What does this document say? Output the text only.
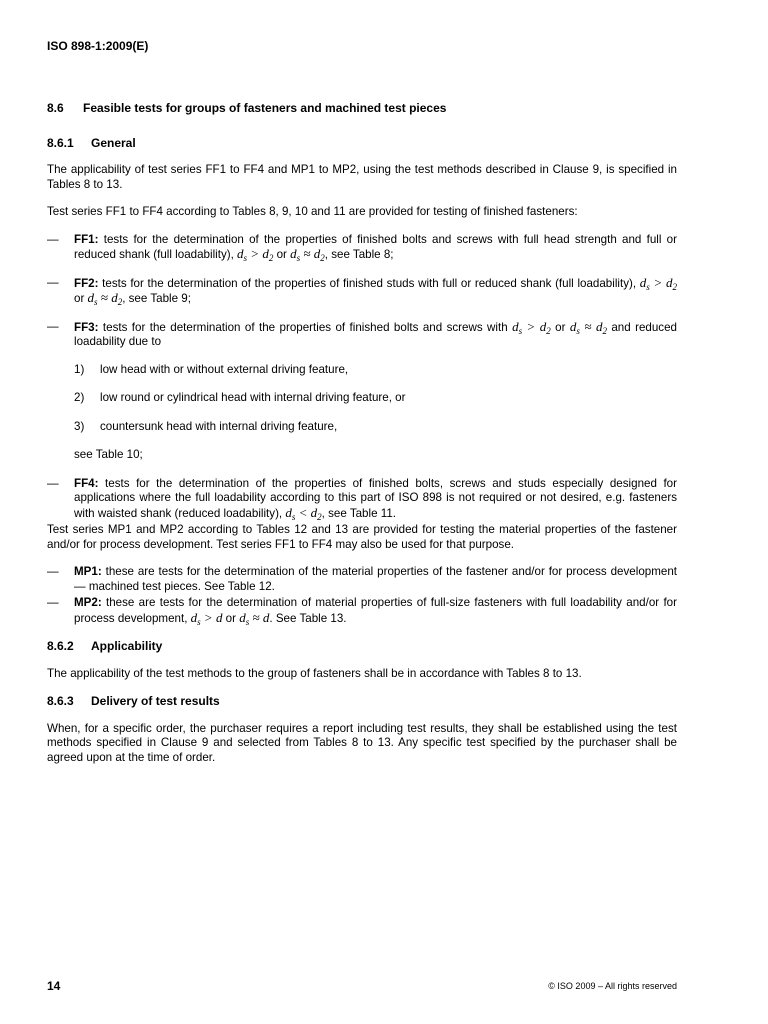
ISO 898-1:2009(E)
8.6 Feasible tests for groups of fasteners and machined test pieces
8.6.1 General

The applicability of test series FF1 to FF4 and MP1 to MP2, using the test methods described in Clause 9, is specified in Tables 8 to 13.

Test series FF1 to FF4 according to Tables 8, 9, 10 and 11 are provided for testing of finished fasteners:

— FF1: tests for the determination of the properties of finished bolts and screws with full head strength and full or reduced shank (full loadability), $d_s > d_2$ or $d_s \approx d_2$, see Table 8;
— FF2: tests for the determination of the properties of finished studs with full or reduced shank (full loadability), $d_s > d_2$ or $d_s \approx d_2$, see Table 9;
— FF3: tests for the determination of the properties of finished bolts and screws with $d_s > d_2$ or $d_s \approx d_2$ and reduced loadability due to
1) low head with or without external driving feature,
2) low round or cylindrical head with internal driving feature, or
3) countersunk head with internal driving feature,
see Table 10;
— FF4: tests for the determination of the properties of finished bolts, screws and studs especially designed for applications where the full loadability according to this part of ISO 898 is not required or not desired, e.g. fasteners with waisted shank (reduced loadability), $d_s < d_2$, see Table 11.

Test series MP1 and MP2 according to Tables 12 and 13 are provided for testing the material properties of the fastener and/or for process development. Test series FF1 to FF4 may also be used for that purpose.

— MP1: these are tests for the determination of the material properties of the fastener and/or for process development — machined test pieces. See Table 12.
— MP2: these are tests for the determination of material properties of full-size fasteners with full loadability and/or for process development, $d_s > d$ or $d_s \approx d$. See Table 13.
8.6.2 Applicability

The applicability of the test methods to the group of fasteners shall be in accordance with Tables 8 to 13.

8.6.3 Delivery of test results

When, for a specific order, the purchaser requires a report including test results, they shall be established using the test methods specified in Clause 9 and selected from Tables 8 to 13. Any specific test specified by the purchaser shall be agreed upon at the time of order.

14	© ISO 2009 – All rights reserved
